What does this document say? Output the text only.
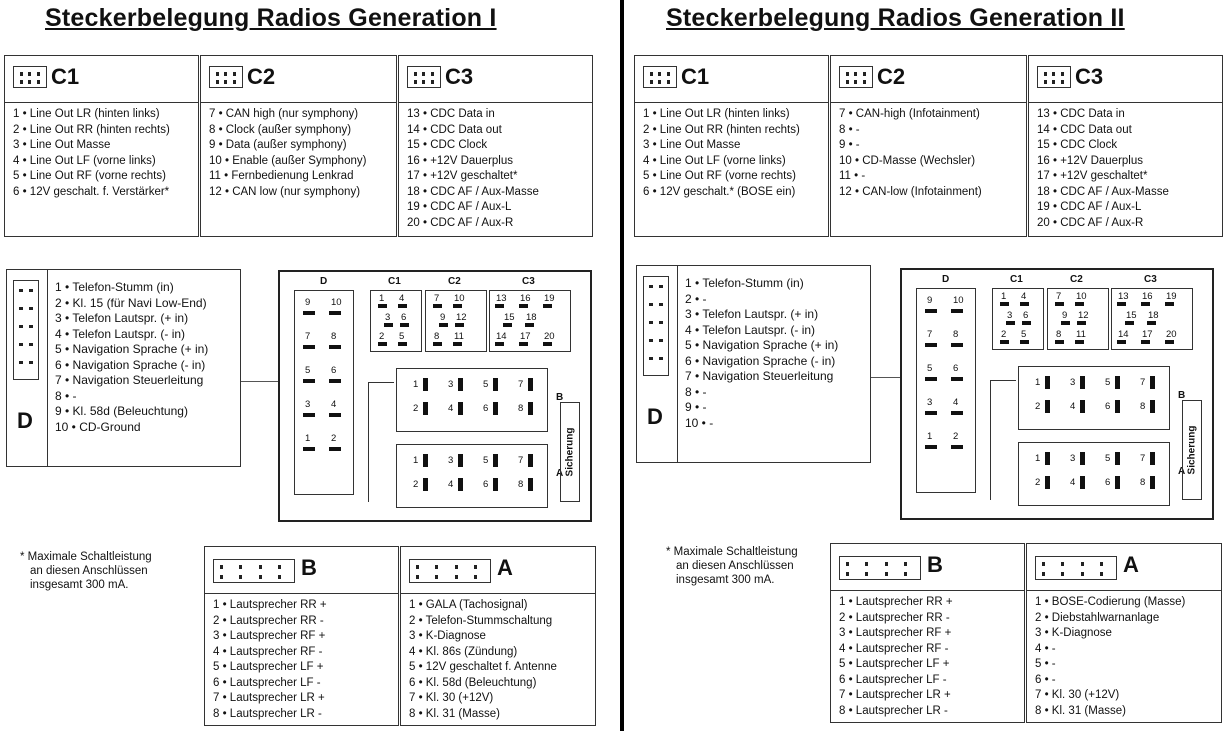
Steckerbelegung Radios Generation I
C1
1 • Line Out LR (hinten links)
2 • Line Out RR (hinten rechts)
3 • Line Out Masse
4 • Line Out LF (vorne links)
5 • Line Out RF (vorne rechts)
6 • 12V geschalt. f. Verstärker*
C2
7 • CAN high (nur symphony)
8 • Clock (außer symphony)
9 • Data (außer symphony)
10 • Enable (außer Symphony)
11 • Fernbedienung Lenkrad
12 • CAN low (nur symphony)
C3
13 • CDC Data in
14 • CDC Data out
15 • CDC Clock
16 • +12V Dauerplus
17 • +12V geschaltet*
18 • CDC AF / Aux-Masse
19 • CDC AF / Aux-L
20 • CDC AF / Aux-R
D
1 • Telefon-Stumm (in)
2 • Kl. 15 (für Navi Low-End)
3 • Telefon Lautspr. (+ in)
4 • Telefon Lautspr. (- in)
5 • Navigation Sprache (+ in)
6 • Navigation Sprache (- in)
7 • Navigation Steuerleitung
8 • -
9 • Kl. 58d (Beleuchtung)
10 • CD-Ground
9 10
7 8
5 6
3 4
1 2
D	C1
1 4
3 6
2 5
C2
7 10
9 12
8 11
C3
13 16 19
15 18
14 17 20
1	3	5	7
2	4	6	8
B
1	3	5	7
2	4	6	8
A Sicherung
B
1 • Lautsprecher RR +
2 • Lautsprecher RR -
3 • Lautsprecher RF +
4 • Lautsprecher RF -
5 • Lautsprecher LF +
6 • Lautsprecher LF -
7 • Lautsprecher LR +
8 • Lautsprecher LR -
A
1 • GALA (Tachosignal)
2 • Telefon-Stummschaltung
3 • K-Diagnose
4 • Kl. 86s (Zündung)
5 • 12V geschaltet f. Antenne
6 • Kl. 58d (Beleuchtung)
7 • Kl. 30 (+12V)
8 • Kl. 31 (Masse)
* Maximale Schaltleistung
an diesen Anschlüssen
insgesamt 300 mA.
Steckerbelegung Radios Generation II
C1
1 • Line Out LR (hinten links)
2 • Line Out RR (hinten rechts)
3 • Line Out Masse
4 • Line Out LF (vorne links)
5 • Line Out RF (vorne rechts)
6 • 12V geschalt.* (BOSE ein)
C2
7 • CAN-high (Infotainment)
8 • -
9 • -
10 • CD-Masse (Wechsler)
11 • -
12 • CAN-low (Infotainment)
C3
13 • CDC Data in
14 • CDC Data out
15 • CDC Clock
16 • +12V Dauerplus
17 • +12V geschaltet*
18 • CDC AF / Aux-Masse
19 • CDC AF / Aux-L
20 • CDC AF / Aux-R
D
1 • Telefon-Stumm (in)
2 • -
3 • Telefon Lautspr. (+ in)
4 • Telefon Lautspr. (- in)
5 • Navigation Sprache (+ in)
6 • Navigation Sprache (- in)
7 • Navigation Steuerleitung
8 • -
9 • -
10 • -
9 10
7 8
5 6
3 4
1 2
D	C1
1 4
3 6
2 5
C2
7 10
9 12
8 11
C3
13 16 19
15 18
14 17 20
1	3	5	7
2	4	6	8
B
1	3	5	7
2	4	6	8
A Sicherung
B
1 • Lautsprecher RR +
2 • Lautsprecher RR -
3 • Lautsprecher RF +
4 • Lautsprecher RF -
5 • Lautsprecher LF +
6 • Lautsprecher LF -
7 • Lautsprecher LR +
8 • Lautsprecher LR -
A
1 • BOSE-Codierung (Masse)
2 • Diebstahlwarnanlage
3 • K-Diagnose
4 • -
5 • -
6 • -
7 • Kl. 30 (+12V)
8 • Kl. 31 (Masse)
* Maximale Schaltleistung
an diesen Anschlüssen
insgesamt 300 mA.
